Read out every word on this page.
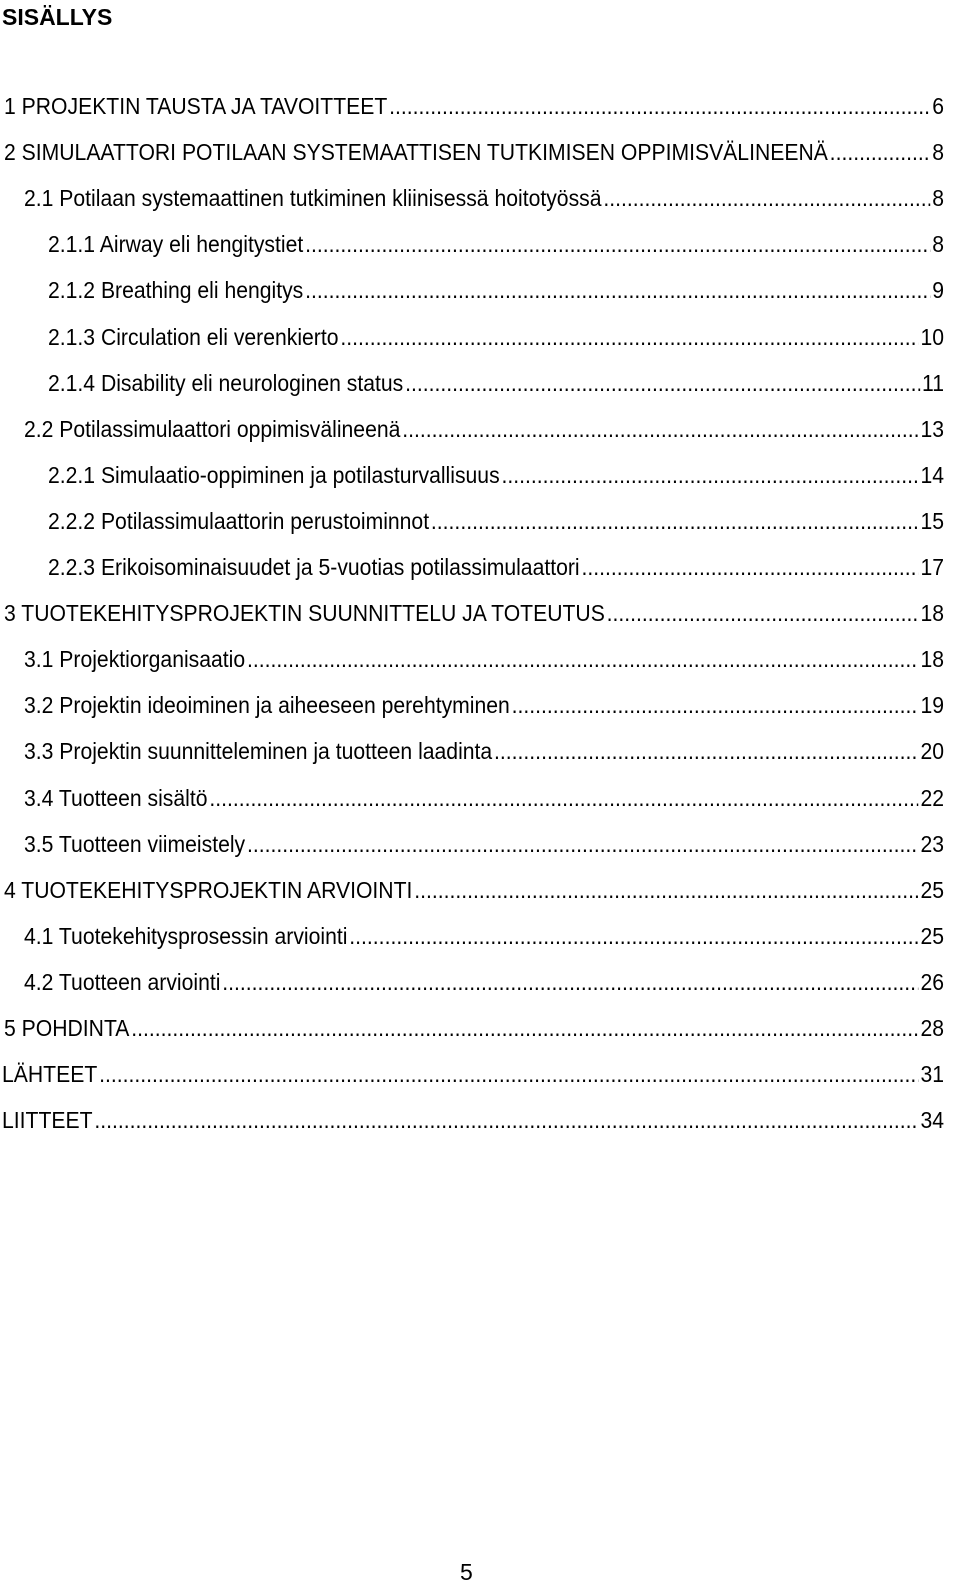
SISÄLLYS
1 PROJEKTIN TAUSTA JA TAVOITTEET .....	6
2 SIMULAATTORI POTILAAN SYSTEMAATTISEN TUTKIMISEN OPPIMISVÄLINEENÄ .....	8
2.1 Potilaan systemaattinen tutkiminen kliinisessä hoitotyössä .....	8
2.1.1 Airway eli hengitystiet .....	8
2.1.2 Breathing eli hengitys .....	9
2.1.3 Circulation eli verenkierto .....	10
2.1.4 Disability eli neurologinen status .....	11
2.2 Potilassimulaattori oppimisvälineenä .....	13
2.2.1 Simulaatio-oppiminen ja potilasturvallisuus .....	14
2.2.2 Potilassimulaattorin perustoiminnot .....	15
2.2.3 Erikoisominaisuudet ja 5-vuotias potilassimulaattori .....	17
3 TUOTEKEHITYSPROJEKTIN SUUNNITTELU JA TOTEUTUS .....	18
3.1 Projektiorganisaatio .....	18
3.2 Projektin ideoiminen ja aiheeseen perehtyminen .....	19
3.3 Projektin suunnitteleminen ja tuotteen laadinta .....	20
3.4 Tuotteen sisältö .....	22
3.5 Tuotteen viimeistely .....	23
4 TUOTEKEHITYSPROJEKTIN ARVIOINTI .....	25
4.1 Tuotekehitysprosessin arviointi .....	25
4.2 Tuotteen arviointi .....	26
5 POHDINTA .....	28
LÄHTEET .....	31
LIITTEET .....	34

5
